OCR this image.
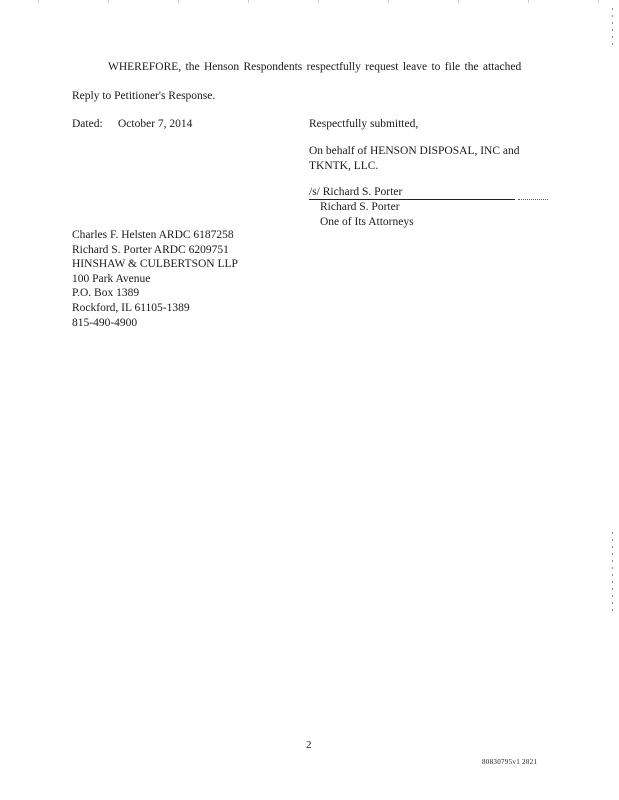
WHEREFORE, the Henson Respondents respectfully request leave to file the attached
Reply to Petitioner's Response.
Dated: October 7, 2014	Respectfully submitted,
On behalf of HENSON DISPOSAL, INC and
TKNTK, LLC.
/s/ Richard S. Porter
Richard S. Porter
One of Its Attorneys
Charles F. Helsten ARDC 6187258
Richard S. Porter ARDC 6209751
HINSHAW & CULBERTSON LLP
100 Park Avenue
P.O. Box 1389
Rockford, IL 61105-1389
815-490-4900
2
80830795v1 2821
